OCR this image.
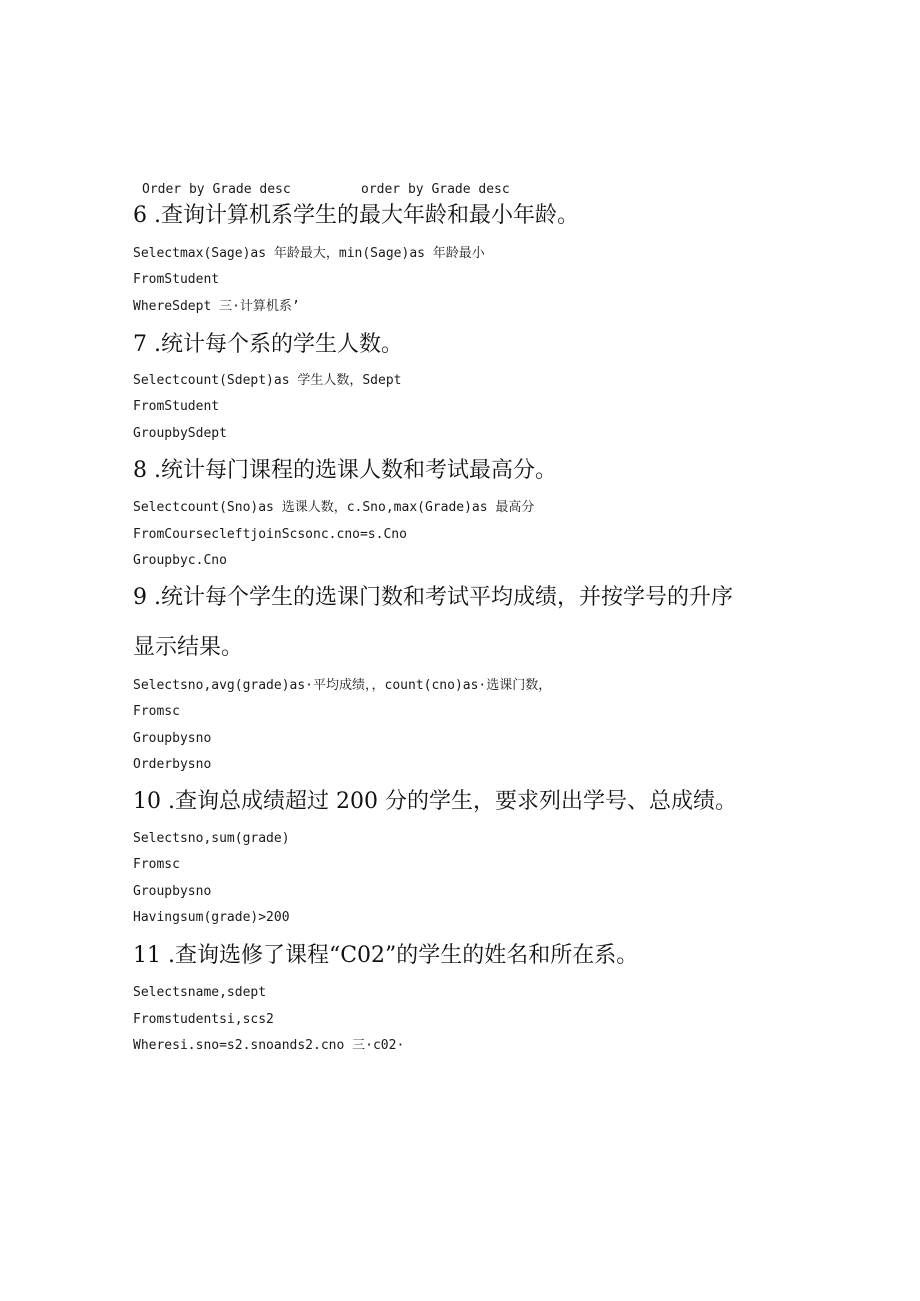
Order by Grade desc	order by Grade desc
6 .查询计算机系学生的最大年龄和最小年龄。
Selectmax(Sage)as 年龄最大，min(Sage)as 年龄最小
FromStudent
WhereSdept 三·计算机系’
7 .统计每个系的学生人数。
Selectcount(Sdept)as 学生人数，Sdept
FromStudent
GroupbySdept
8 .统计每门课程的选课人数和考试最高分。
Selectcount(Sno)as 选课人数，c.Sno,max(Grade)as 最高分
FromCoursecleftjoinScsonc.cno=s.Cno
Groupbyc.Cno
9 .统计每个学生的选课门数和考试平均成绩，并按学号的升序
显示结果。
Selectsno,avg(grade)as·平均成绩，，count(cno)as·选课门数，
Fromsc
Groupbysno
Orderbysno
10 .查询总成绩超过 200 分的学生，要求列出学号、总成绩。
Selectsno,sum(grade)
Fromsc
Groupbysno
Havingsum(grade)>200
11 .查询选修了课程“C02”的学生的姓名和所在系。
Selectsname,sdept
Fromstudentsi,scs2
Wheresi.sno=s2.snoands2.cno 三·c02·
